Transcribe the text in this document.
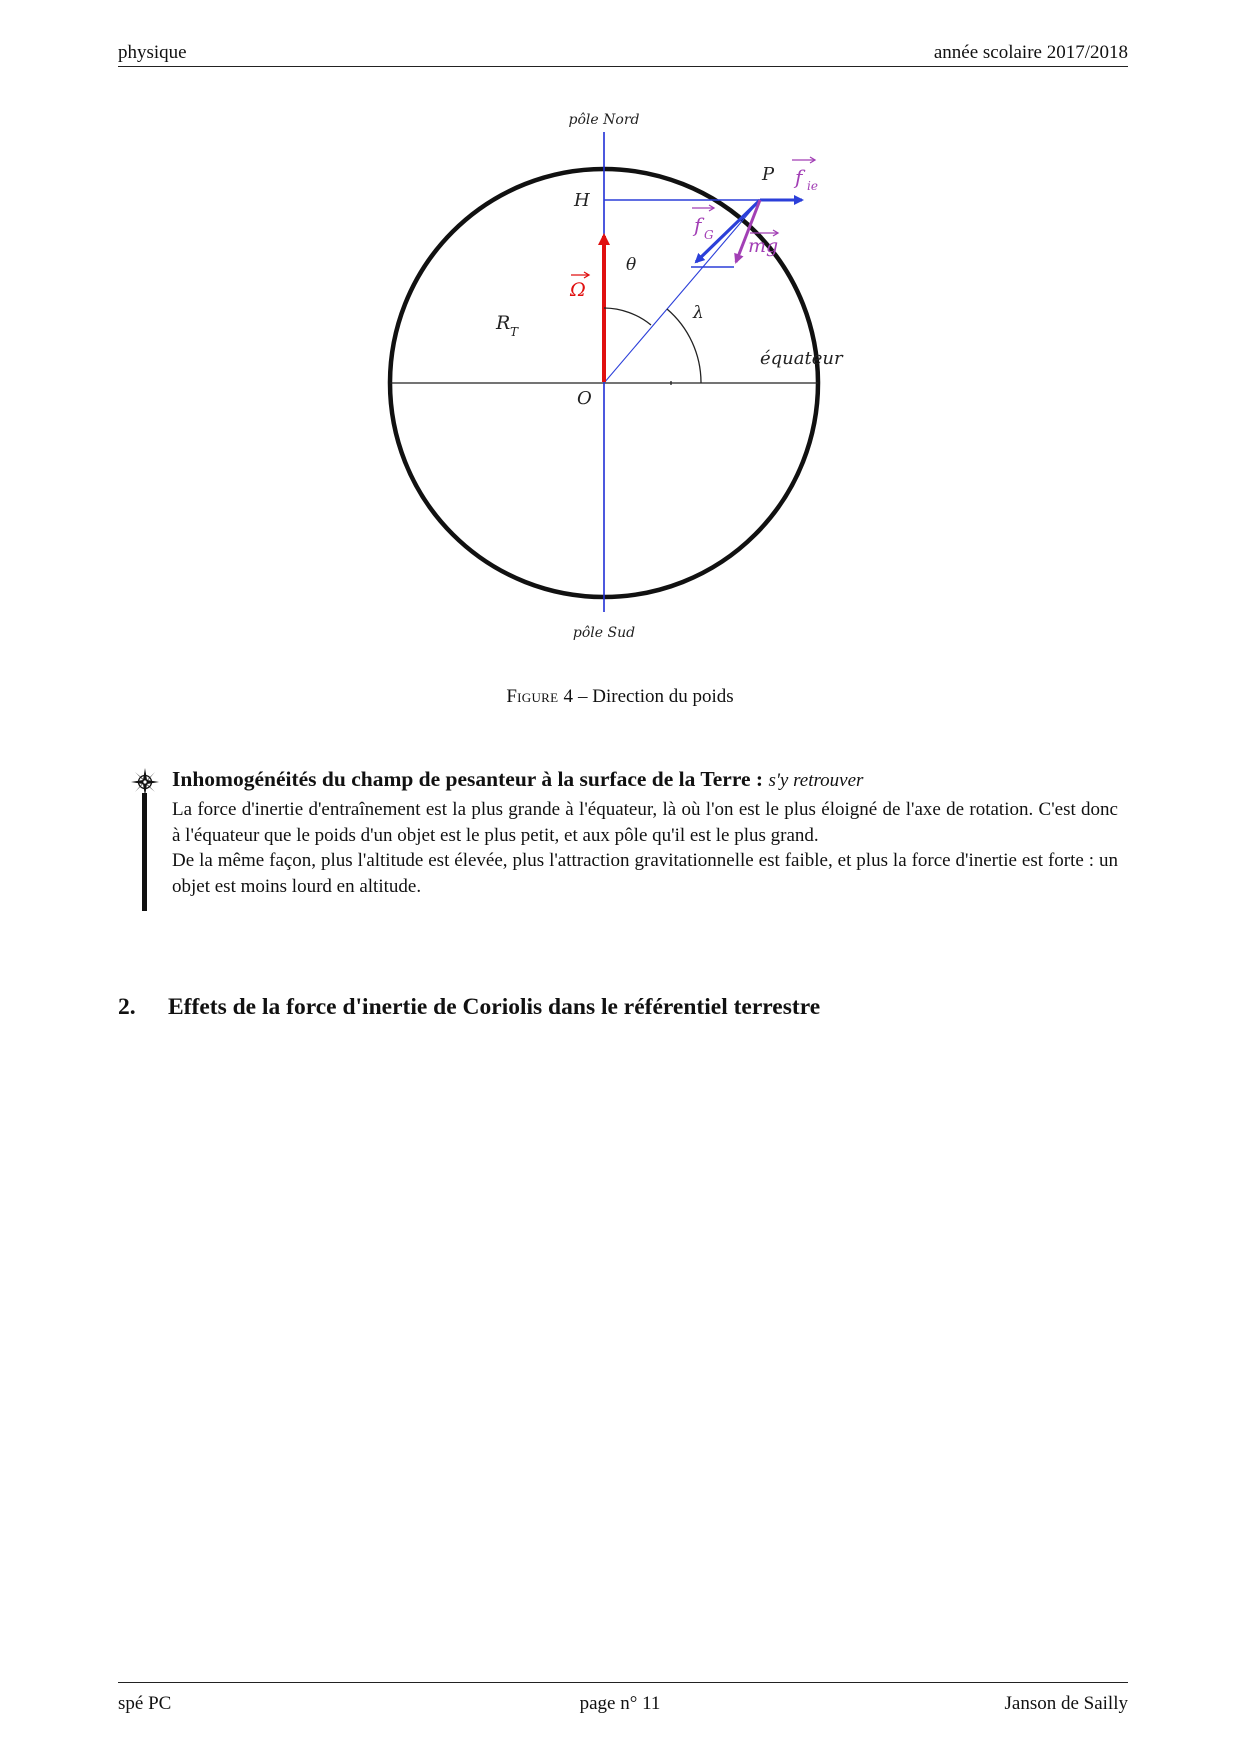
physique	année scolaire 2017/2018
pôle Nord
pôle Sud
équateur
P
H
O
R T
θ
λ
Ω
f ie
f G mg
Figure 4 – Direction du poids
Inhomogénéités du champ de pesanteur à la surface de la Terre : s'y retrouver

La force d'inertie d'entraînement est la plus grande à l'équateur, là où l'on est le plus éloigné de l'axe de rotation. C'est donc à l'équateur que le poids d'un objet est le plus petit, et aux pôle qu'il est le plus grand.

De la même façon, plus l'altitude est élevée, plus l'attraction gravitationnelle est faible, et plus la force d'inertie est forte : un objet est moins lourd en altitude.

2. Effets de la force d'inertie de Coriolis dans le référentiel terrestre
spé PC	page n° 11	Janson de Sailly
